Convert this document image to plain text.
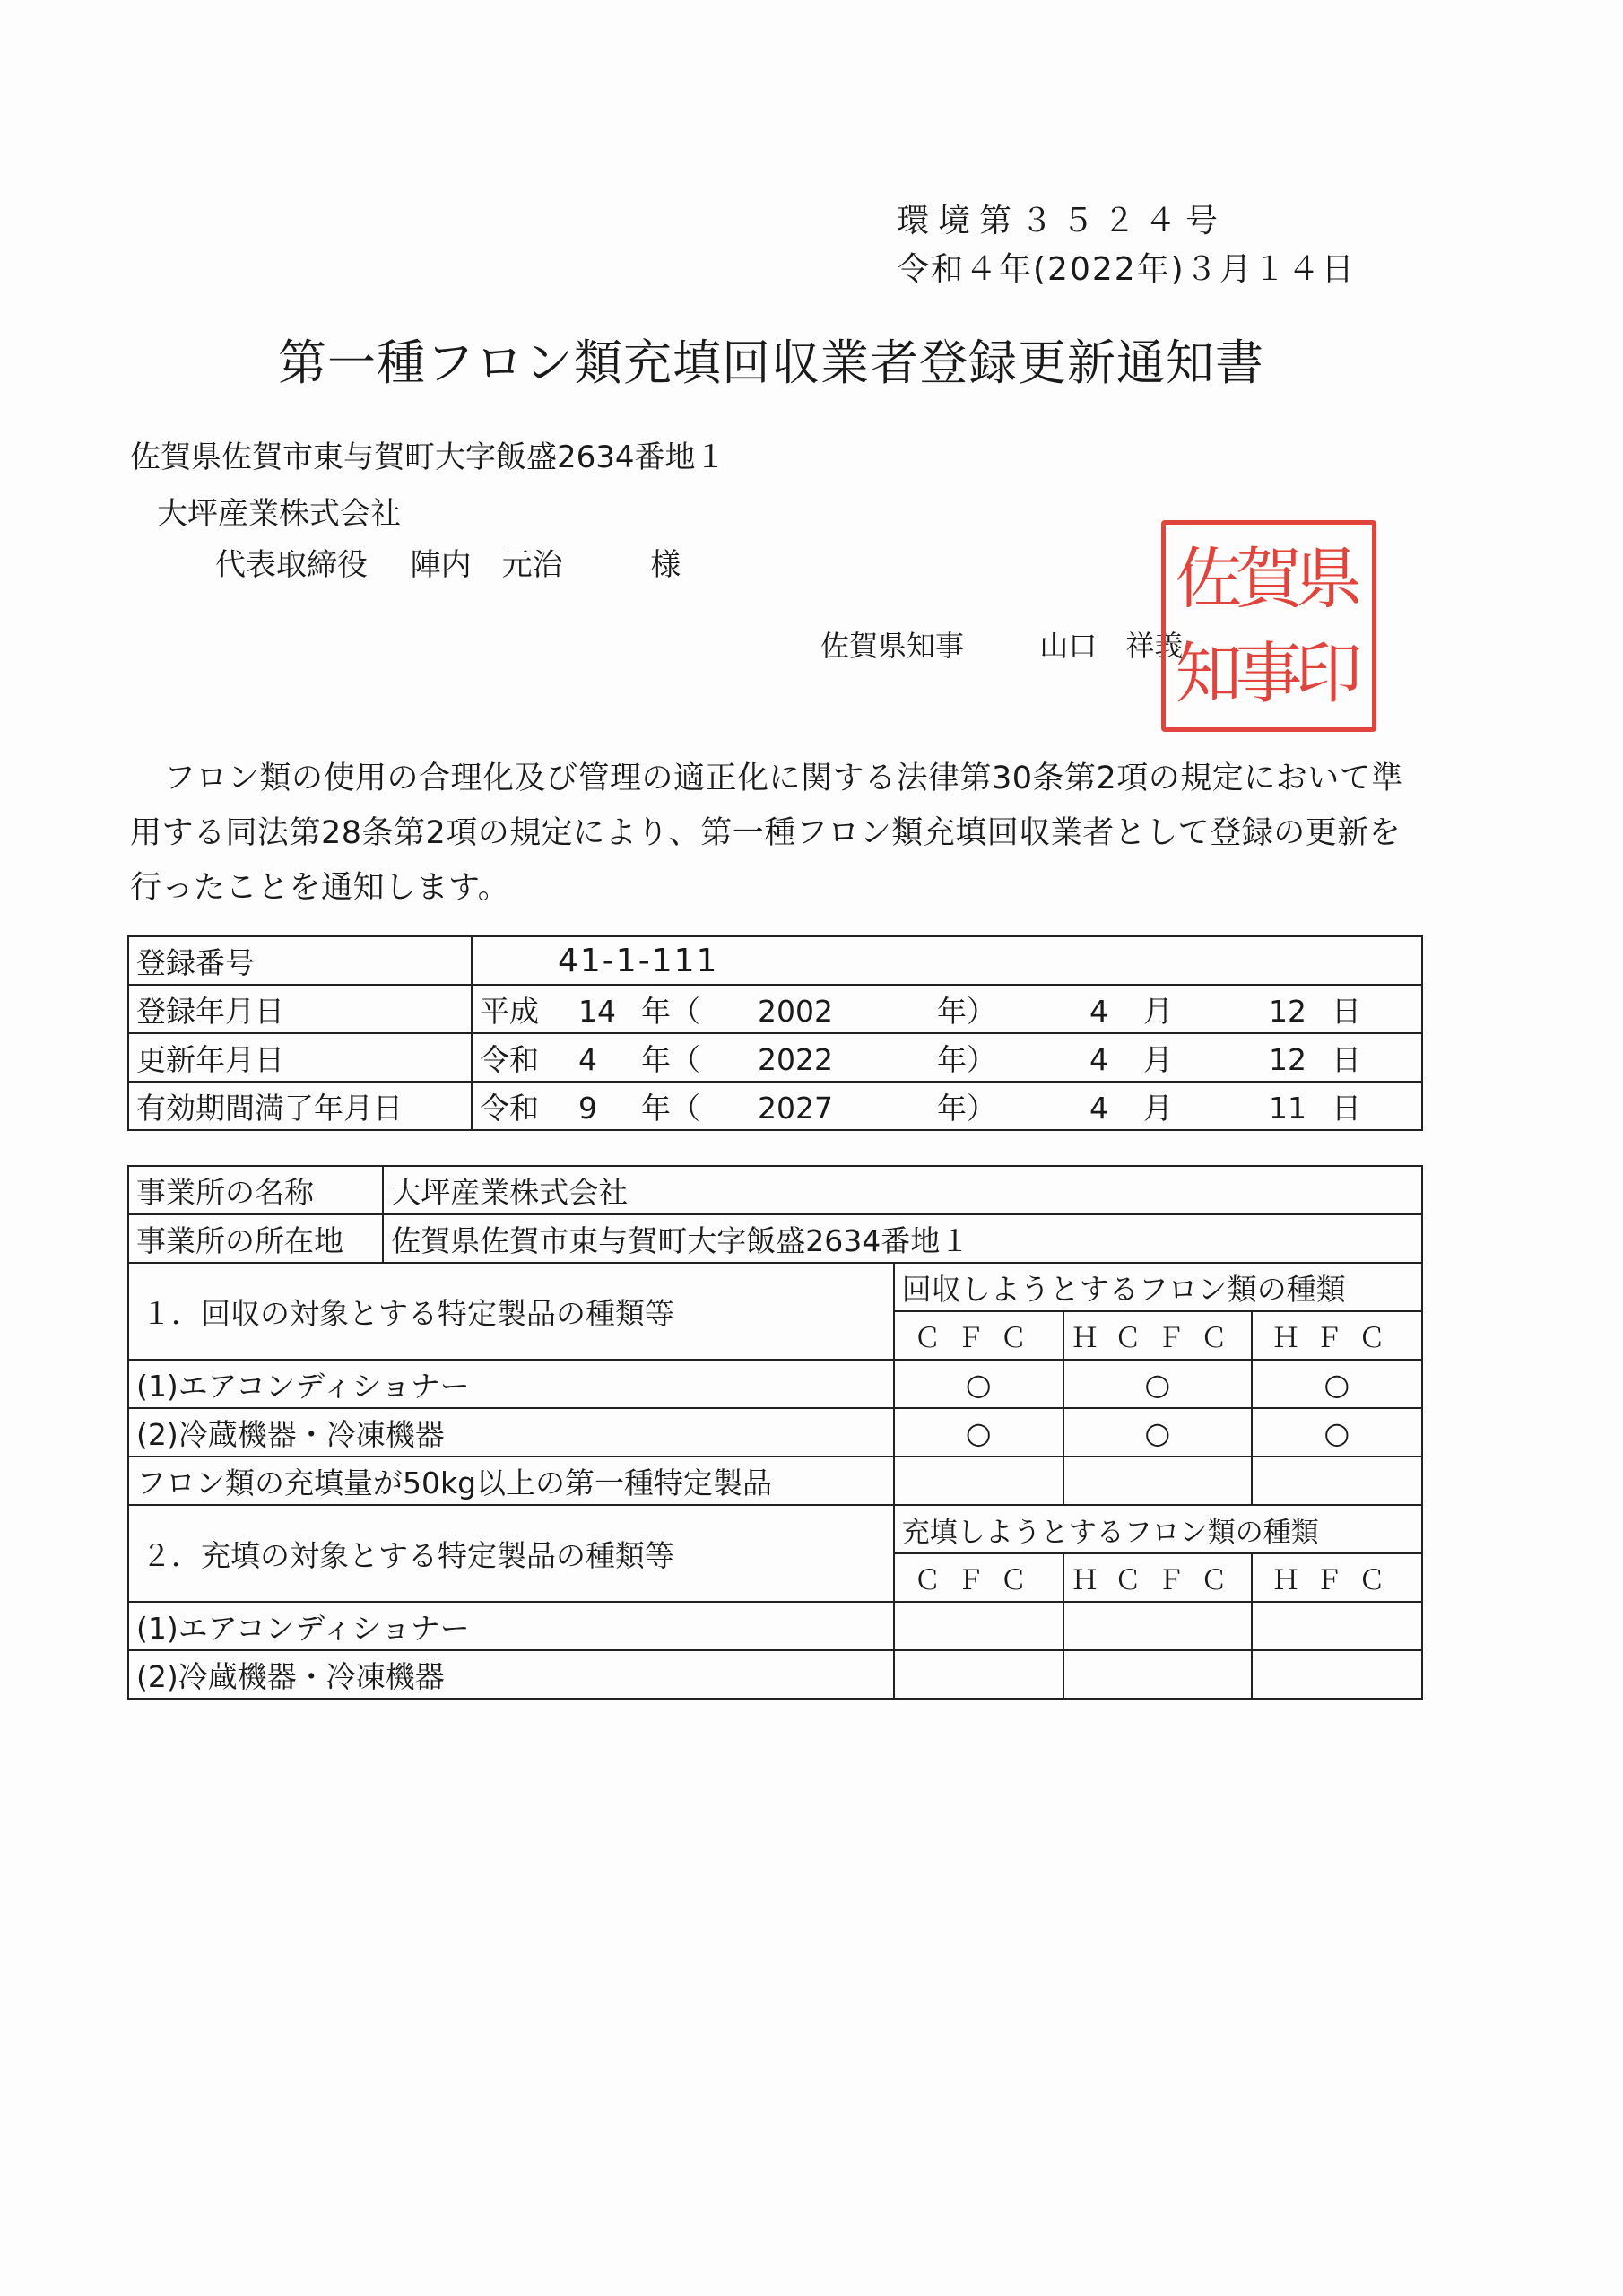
環境第３５２４号
令和４年(2022年)３月１４日
第一種フロン類充填回収業者登録更新通知書
佐賀県佐賀市東与賀町大字飯盛2634番地１
大坪産業株式会社
代表取締役 陣内　元治	様
佐賀県知事	山口　祥義
県
印
賀
事
佐
知
フロン類の使用の合理化及び管理の適正化に関する法律第30条第2項の規定において準用する同法第28条第2項の規定により、第一種フロン類充填回収業者として登録の更新を行ったことを通知します。
登録番号	41-1-111
登録年月日	平成 14 年（ 2002 年） 4 月 12 日
更新年月日	令和 4 年（ 2022 年） 4 月 12 日
有効期間満了年月日	令和 9 年（ 2027 年） 4 月 11 日
事業所の名称	大坪産業株式会社			
事業所の所在地	佐賀県佐賀市東与賀町大字飯盛2634番地１			
１．回収の対象とする特定製品の種類等		回収しようとするフロン類の種類		
		ＣＦＣ	ＨＣＦＣ	ＨＦＣ
(1)エアコンディショナー		○	○	○
(2)冷蔵機器・冷凍機器		○	○	○
フロン類の充填量が50kg以上の第一種特定製品				
２．充填の対象とする特定製品の種類等		充填しようとするフロン類の種類		
		ＣＦＣ	ＨＣＦＣ	ＨＦＣ
(1)エアコンディショナー				
(2)冷蔵機器・冷凍機器				
